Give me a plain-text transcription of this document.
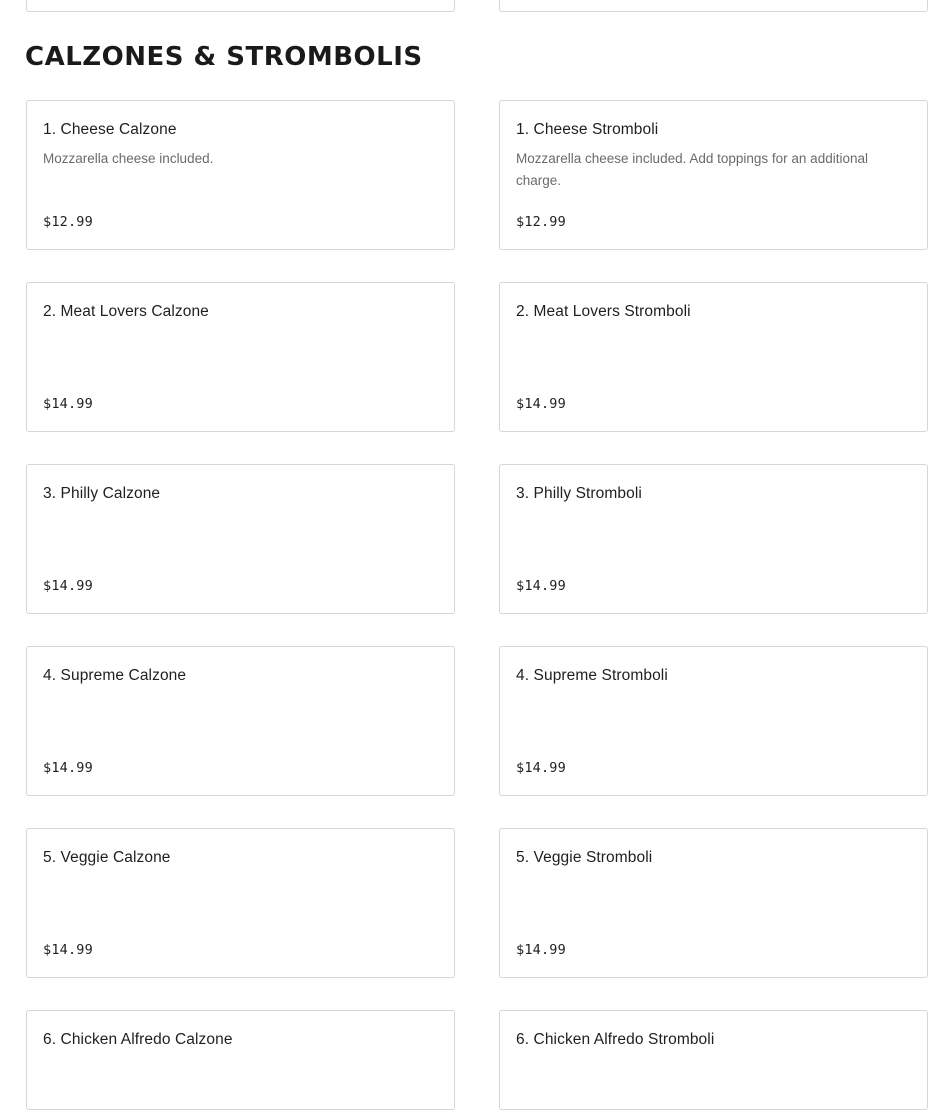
CALZONES & STROMBOLIS
1. Cheese Calzone
Mozzarella cheese included.
$12.99
1. Cheese Stromboli
Mozzarella cheese included. Add toppings for an additional charge.
$12.99
2. Meat Lovers Calzone
$14.99
2. Meat Lovers Stromboli
$14.99
3. Philly Calzone
$14.99
3. Philly Stromboli
$14.99
4. Supreme Calzone
$14.99
4. Supreme Stromboli
$14.99
5. Veggie Calzone
$14.99
5. Veggie Stromboli
$14.99
6. Chicken Alfredo Calzone	6. Chicken Alfredo Stromboli
